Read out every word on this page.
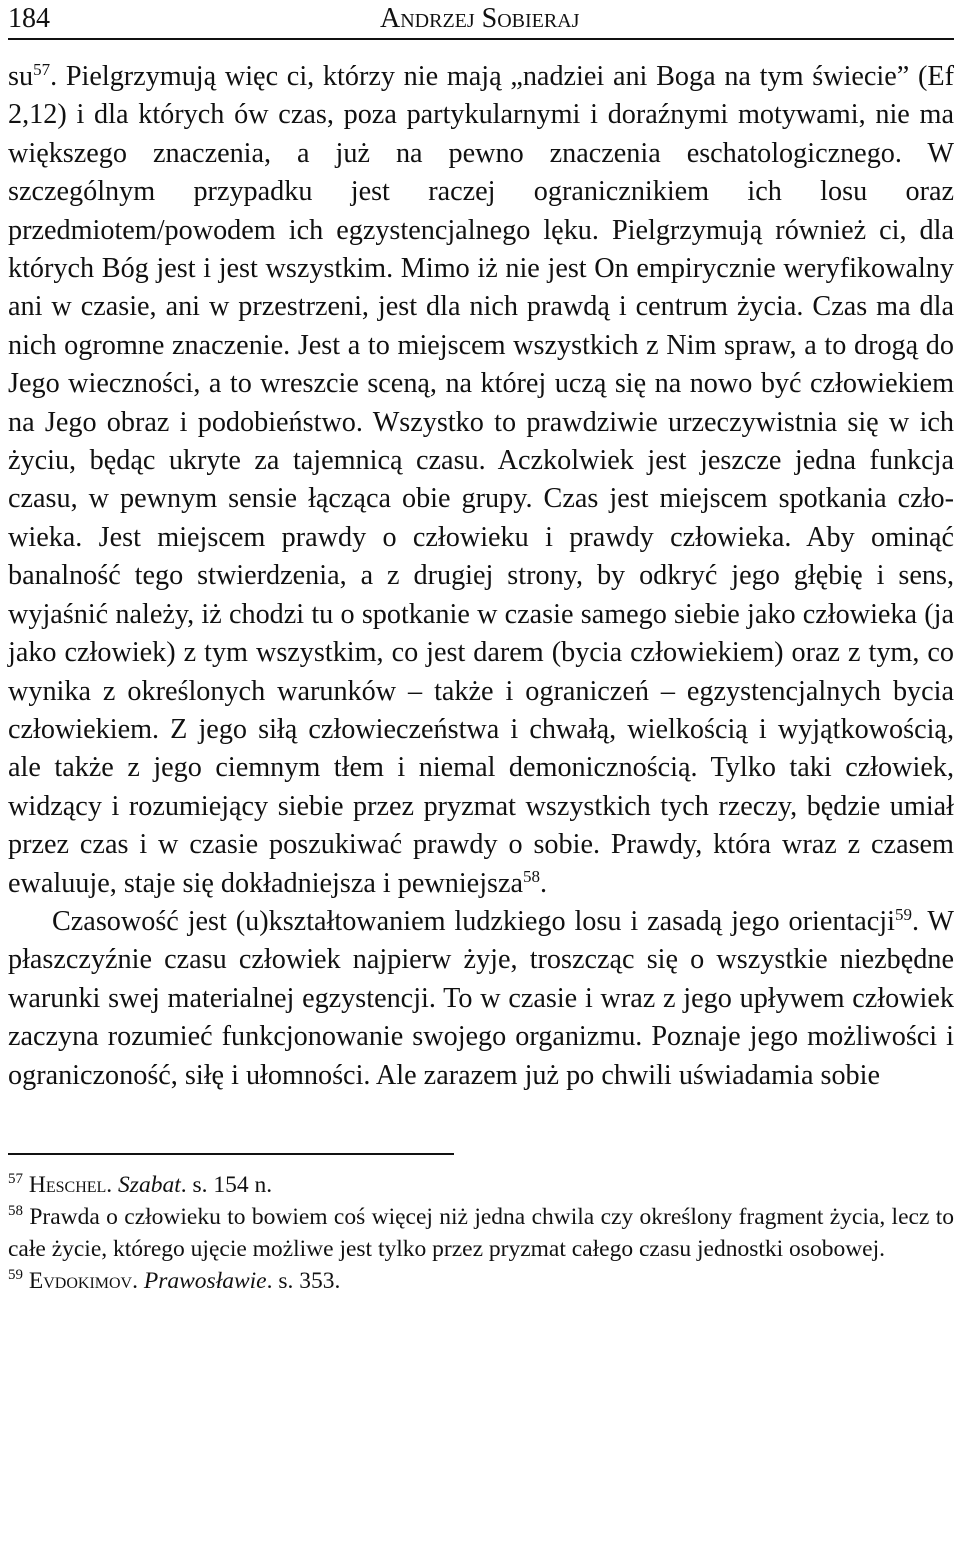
184	Andrzej Sobieraj

$su^{57}$. Pielgrzymują więc ci, którzy nie mają „nadziei ani Boga na tym świecie” (Ef 2,12) i dla których ów czas, poza partykularnymi i doraźnymi motywami, nie ma większego znaczenia, a już na pewno znaczenia eschatologicznego. W szczególnym przypadku jest raczej ogranicznikiem ich losu oraz przedmiotem/powodem ich egzystencjalnego lęku. Pielgrzymują również ci, dla których Bóg jest i jest wszystkim. Mimo iż nie jest On empirycznie weryfikowalny ani w czasie, ani w przestrzeni, jest dla nich prawdą i centrum życia. Czas ma dla nich ogromne znaczenie. Jest a to miejscem wszystkich z Nim spraw, a to drogą do Jego wieczności, a to wreszcie sceną, na której uczą się na nowo być człowiekiem na Jego obraz i podobieństwo. Wszystko to prawdziwie urzeczywistnia się w ich życiu, będąc ukryte za tajemnicą czasu. Aczkolwiek jest jeszcze jedna funkcja czasu, w pewnym sensie łącząca obie grupy. Czas jest miejscem spotkania człowieka. Jest miejscem prawdy o człowieku i prawdy człowieka. Aby ominąć banalność tego stwierdzenia, a z drugiej strony, by odkryć jego głębię i sens, wyjaśnić należy, iż chodzi tu o spotkanie w czasie samego siebie jako człowieka (ja jako człowiek) z tym wszystkim, co jest darem (bycia człowiekiem) oraz z tym, co wynika z określonych warunków – także i ograniczeń – egzystencjalnych bycia człowiekiem. Z jego siłą człowieczeństwa i chwałą, wielkością i wyjątkowością, ale także z jego ciemnym tłem i niemal demonicznością. Tylko taki człowiek, widzący i rozumiejący siebie przez pryzmat wszystkich tych rzeczy, będzie umiał przez czas i w czasie poszukiwać prawdy o sobie. Prawdy, która wraz z czasem ewaluuje, staje się dokładniejsza i pewniejsza$^{58}$.

Czasowość jest (u)kształtowaniem ludzkiego losu i zasadą jego orientacji$^{59}$. W płaszczyźnie czasu człowiek najpierw żyje, troszcząc się o wszystkie niezbędne warunki swej materialnej egzystencji. To w czasie i wraz z jego upływem człowiek zaczyna rozumieć funkcjonowanie swojego organizmu. Poznaje jego możliwości i ograniczoność, siłę i ułomności. Ale zarazem już po chwili uświadamia sobie

$^{57}$ Heschel. Szabat. s. 154 n.

$^{58}$ Prawda o człowieku to bowiem coś więcej niż jedna chwila czy określony fragment życia, lecz to całe życie, którego ujęcie możliwe jest tylko przez pryzmat całego czasu jednostki osobowej.

$^{59}$ Evdokimov. Prawosławie. s. 353.
